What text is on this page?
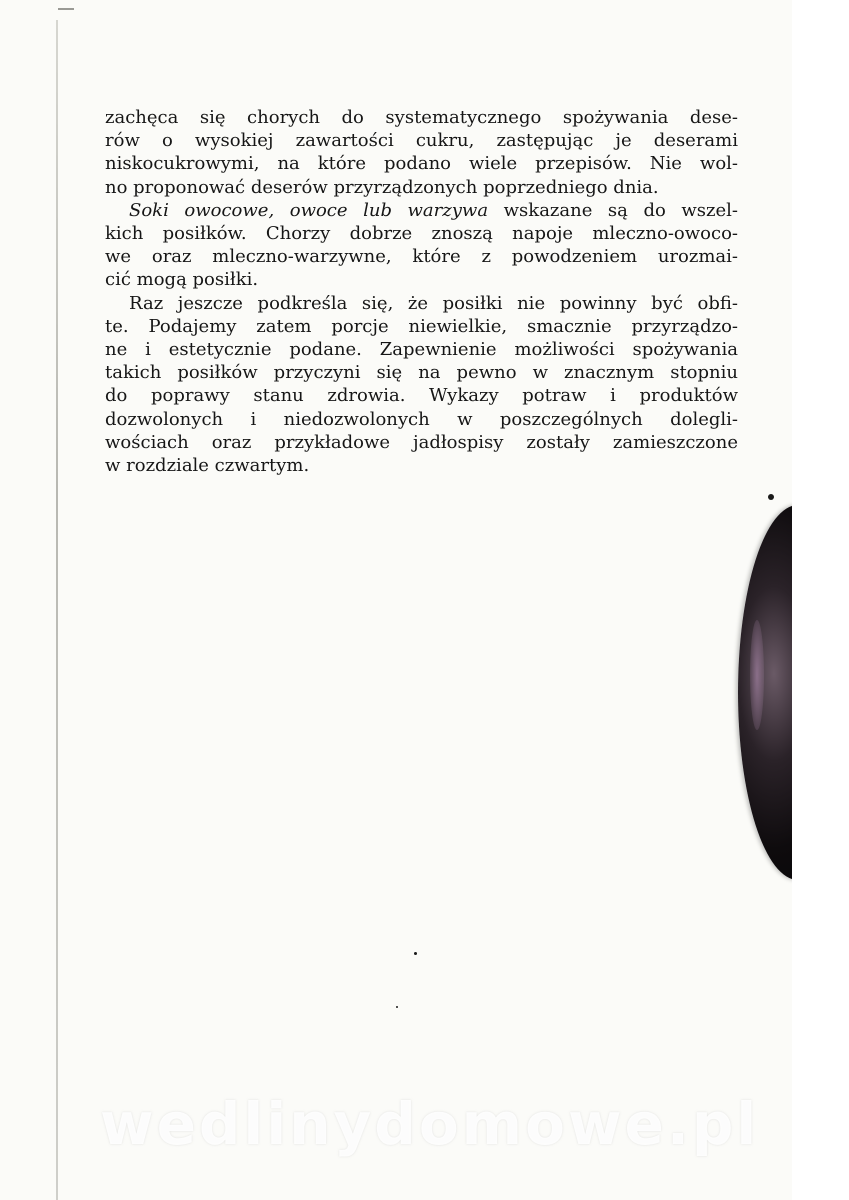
zachęca się chorych do systematycznego spożywania dese-
rów o wysokiej zawartości cukru, zastępując je deserami
niskocukrowymi, na które podano wiele przepisów. Nie wol-
no proponować deserów przyrządzonych poprzedniego dnia.

Soki owocowe, owoce lub warzywa wskazane są do wszel-
kich posiłków. Chorzy dobrze znoszą napoje mleczno-owoco-
we oraz mleczno-warzywne, które z powodzeniem urozmai-
cić mogą posiłki.

Raz jeszcze podkreśla się, że posiłki nie powinny być obfi-
te. Podajemy zatem porcje niewielkie, smacznie przyrządzo-
ne i estetycznie podane. Zapewnienie możliwości spożywania
takich posiłków przyczyni się na pewno w znacznym stopniu
do poprawy stanu zdrowia. Wykazy potraw i produktów
dozwolonych i niedozwolonych w poszczególnych dolegli-
wościach oraz przykładowe jadłospisy zostały zamieszczone
w rozdziale czwartym.

wedlinydomowe.pl
